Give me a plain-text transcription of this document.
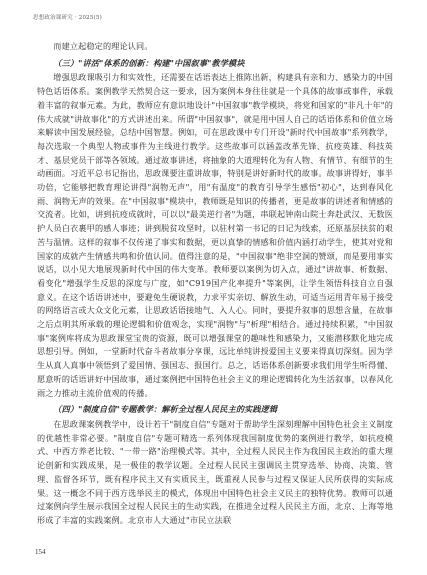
思想政治课研究 · 2025(5)

而建立起稳定的理论认同。

（三）"讲活"体系的创新：构建"中国叙事"教学模块

增强思政课吸引力和实效性，还需要在话语表达上推陈出新，构建具有亲和力、感染力的中国特色话语体系。案例教学天然契合这一要求，因为案例本身往往就是一个具体的故事或事件，承载着丰富的叙事元素。为此，教师应有意识地设计"中国叙事"教学模块，将党和国家的"非凡十年"的伟大成就"讲故事化"的方式讲述出来。所谓"中国叙事"，就是用中国人自己的话语体系和价值立场来解读中国发展经验，总结中国智慧。例如，可在思政课中专门开设"新时代中国故事"系列教学，每次选取一个典型人物或事件为主线进行教学。这些故事可以涵盖改革先锋、抗疫英雄、科技英才、基层党员干部等各领域。通过故事讲述，将抽象的大道理转化为有人物、有情节、有细节的生动画面。习近平总书记指出，思政课要注重讲故事，特别是讲好新时代的故事。故事讲得好，事半功倍，它能够把教育理论讲得"润物无声"，用"有温度"的教育引导学生感悟"初心"，达到春风化雨、润物无声的效果。在"中国叙事"模块中，教师既是知识的传播者，更是故事的讲述者和情感的交流者。比如，讲到抗疫成就时，可以以"最美逆行者"为题，串联起钟南山院士奔赴武汉、无数医护人员白衣裹甲的感人事迹；讲到脱贫攻坚时，以驻村第一书记的日记为线索，还原基层扶贫的艰苦与温情。这样的叙事不仅传递了事实和数据，更以真挚的情感和价值内涵打动学生，使其对党和国家的成就产生情感共鸣和价值认同。值得注意的是，"中国叙事"绝非空洞的赞颂，而是要用事实说话，以小见大地展现新时代中国的伟大变革。教师要以案例为切入点，通过"讲故事、析数据、看变化"增强学生反思的深度与广度，如"C919国产化率提升"等案例，让学生领悟科技自立自强意义。在这个话语讲述中，要避免生硬说教，力求平实亲切、解放生动，可适当运用青年易于接受的网络语言或大众文化元素，让思政话语接地气、入人心。同时，要提升叙事的思想含量，在故事之后点明其所承载的理论逻辑和价值观念，实现"润物"与"析理"相结合。通过持续积累，"中国叙事"案例库将成为思政课堂宝贵的资源，既可以增强课堂的趣味性和感染力，又能潜移默化地完成思想引导。例如，一堂新时代奋斗者故事分享课，远比单纯讲授爱国主义要来得真切深刻。因为学生从真人真事中领悟到了爱国情、强国志、报国行。总之，话语体系创新要求我们用学生听得懂、愿意听的话语讲好中国故事，通过案例把中国特色社会主义的理论逻辑转化为生活叙事，以春风化雨之力推动主流价值观的传播。

（四）"制度自信"专题教学：解析全过程人民民主的实践逻辑

在思政课案例教学中，设计若干"制度自信"专题对于帮助学生深刻理解中国特色社会主义制度的优越性非常必要。"制度自信"专题可精选一系列体现我国制度优势的案例进行教学，如抗疫模式、中西方养老比较、"一带一路"治理模式等。其中，全过程人民民主作为我国民主政治的重大理论创新和实践成果，是一极佳的教学议题。全过程人民民主强调民主贯穿选举、协商、决策、管理、监督各环节，既有程序民主又有实质民主，既重视人民参与过程又保证人民所获得的实际成果。这一概念不同于西方选举民主的模式，体现出中国特色社会主义民主的独特优势。教师可以通过案例向学生展示我国全过程人民民主的生动实践，在推进全过程人民民主方面，北京、上海等地形成了丰富的实践案例。北京市人大通过"市民立法联

154
